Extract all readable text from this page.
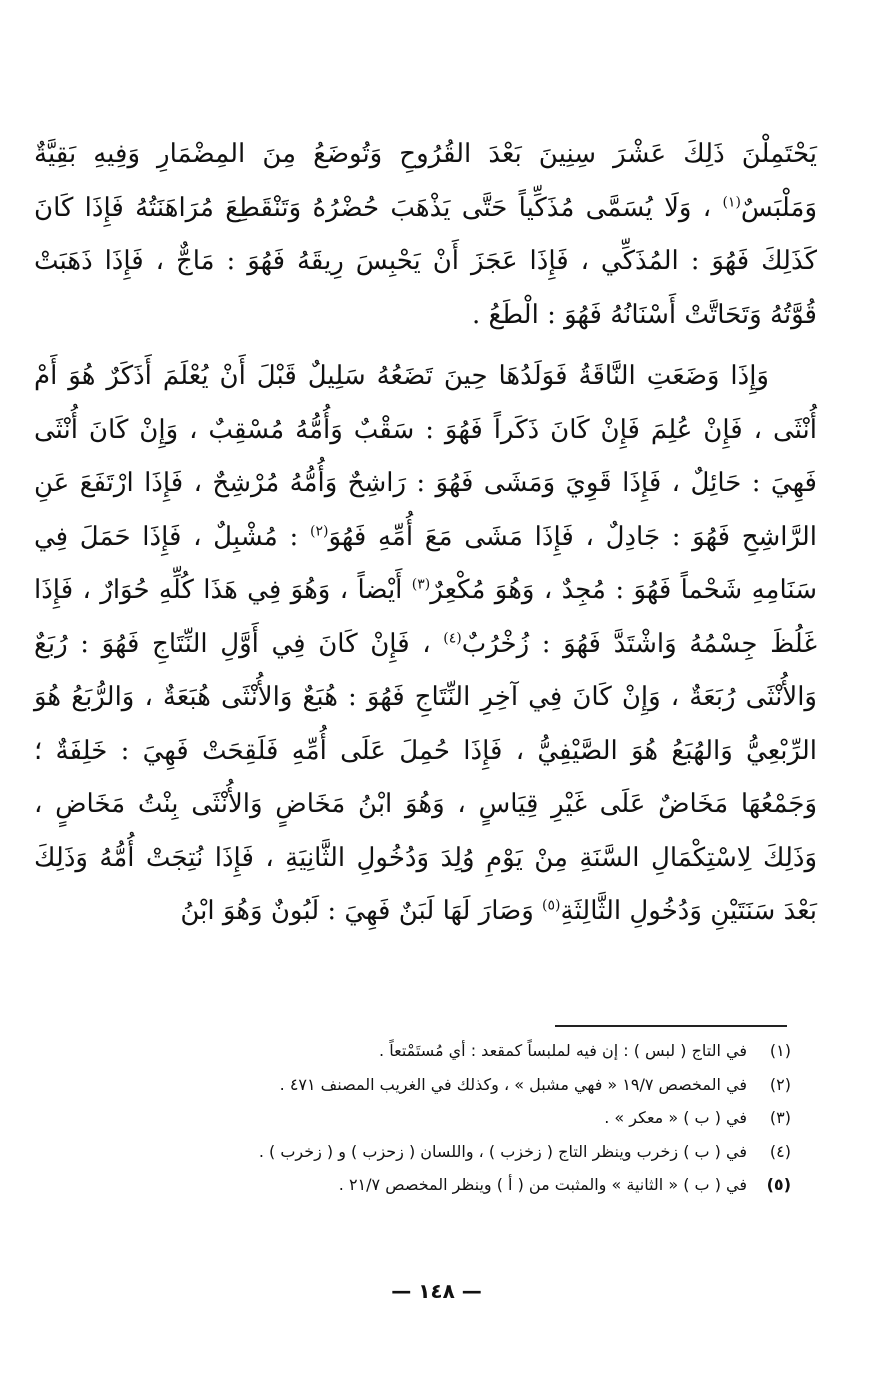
يَحْتَمِلْنَ ذَلِكَ عَشْرَ سِنِينَ بَعْدَ القُرُوحِ وَتُوضَعُ مِنَ المِضْمَارِ وَفِيهِ بَقِيَّةٌ وَمَلْبَسٌ$^{(١)}$ ، وَلَا يُسَمَّى مُذَكِّياً حَتَّى يَذْهَبَ حُضْرُهُ وَتَنْقَطِعَ مُرَاهَنَتُهُ فَإِذَا كَانَ كَذَلِكَ فَهُوَ : المُذَكِّي ، فَإِذَا عَجَزَ أَنْ يَحْبِسَ رِيقَهُ فَهُوَ : مَاجٌّ ، فَإِذَا ذَهَبَتْ قُوَّتُهُ وَتَحَاتَّتْ أَسْنَانُهُ فَهُوَ : الْطَعُ .

وَإِذَا وَضَعَتِ النَّاقَةُ فَوَلَدُهَا حِينَ تَضَعُهُ سَلِيلٌ قَبْلَ أَنْ يُعْلَمَ أَذَكَرٌ هُوَ أَمْ أُنْثَى ، فَإِنْ عُلِمَ فَإِنْ كَانَ ذَكَراً فَهُوَ : سَقْبٌ وَأُمُّهُ مُسْقِبٌ ، وَإِنْ كَانَ أُنْثَى فَهِيَ : حَائِلٌ ، فَإِذَا قَوِيَ وَمَشَى فَهُوَ : رَاشِحٌ وَأُمُّهُ مُرْشِحٌ ، فَإِذَا ارْتَفَعَ عَنِ الرَّاشِحِ فَهُوَ : جَادِلٌ ، فَإِذَا مَشَى مَعَ أُمِّهِ فَهُوَ$^{(٢)}$ : مُشْبِلٌ ، فَإِذَا حَمَلَ فِي سَنَامِهِ شَحْماً فَهُوَ : مُجِدٌ ، وَهُوَ مُكْعِرٌ$^{(٣)}$ أَيْضاً ، وَهُوَ فِي هَذَا كُلِّهِ حُوَارٌ ، فَإِذَا غَلُظَ جِسْمُهُ وَاشْتَدَّ فَهُوَ : زُخْرُبٌ$^{(٤)}$ ، فَإِنْ كَانَ فِي أَوَّلِ النِّتَاجِ فَهُوَ : رُبَعٌ وَالأُنْثَى رُبَعَةٌ ، وَإِنْ كَانَ فِي آخِرِ النِّتَاجِ فَهُوَ : هُبَعٌ وَالأُنْثَى هُبَعَةٌ ، وَالرُّبَعُ هُوَ الرِّبْعِيُّ وَالهُبَعُ هُوَ الصَّيْفِيُّ ، فَإِذَا حُمِلَ عَلَى أُمِّهِ فَلَقِحَتْ فَهِيَ : خَلِفَةٌ ؛ وَجَمْعُهَا مَخَاضٌ عَلَى غَيْرِ قِيَاسٍ ، وَهُوَ ابْنُ مَخَاضٍ وَالأُنْثَى بِنْتُ مَخَاضٍ ، وَذَلِكَ لِاسْتِكْمَالِ السَّنَةِ مِنْ يَوْمِ وُلِدَ وَدُخُولِ الثَّانِيَةِ ، فَإِذَا نُتِجَتْ أُمُّهُ وَذَلِكَ بَعْدَ سَنَتَيْنِ وَدُخُولِ الثَّالِثَةِ$^{(٥)}$ وَصَارَ لَهَا لَبَنٌ فَهِيَ : لَبُونٌ وَهُوَ ابْنُ

(١)
في التاج ( لبس ) : إن فيه لملبساً كمقعد : أي مُستَمْتعاً .
(٢)
في المخصص ١٩/٧ « فهي مشبل » ، وكذلك في الغريب المصنف ٤٧١ .
(٣)
في ( ب ) « معكر » .
(٤)
في ( ب ) زخرب وينظر التاج ( زخزب ) ، واللسان ( زحزب ) و ( زخرب ) .
(٥)
في ( ب ) « الثانية » والمثبت من ( أ ) وينظر المخصص ٢١/٧ .
— ١٤٨ —
